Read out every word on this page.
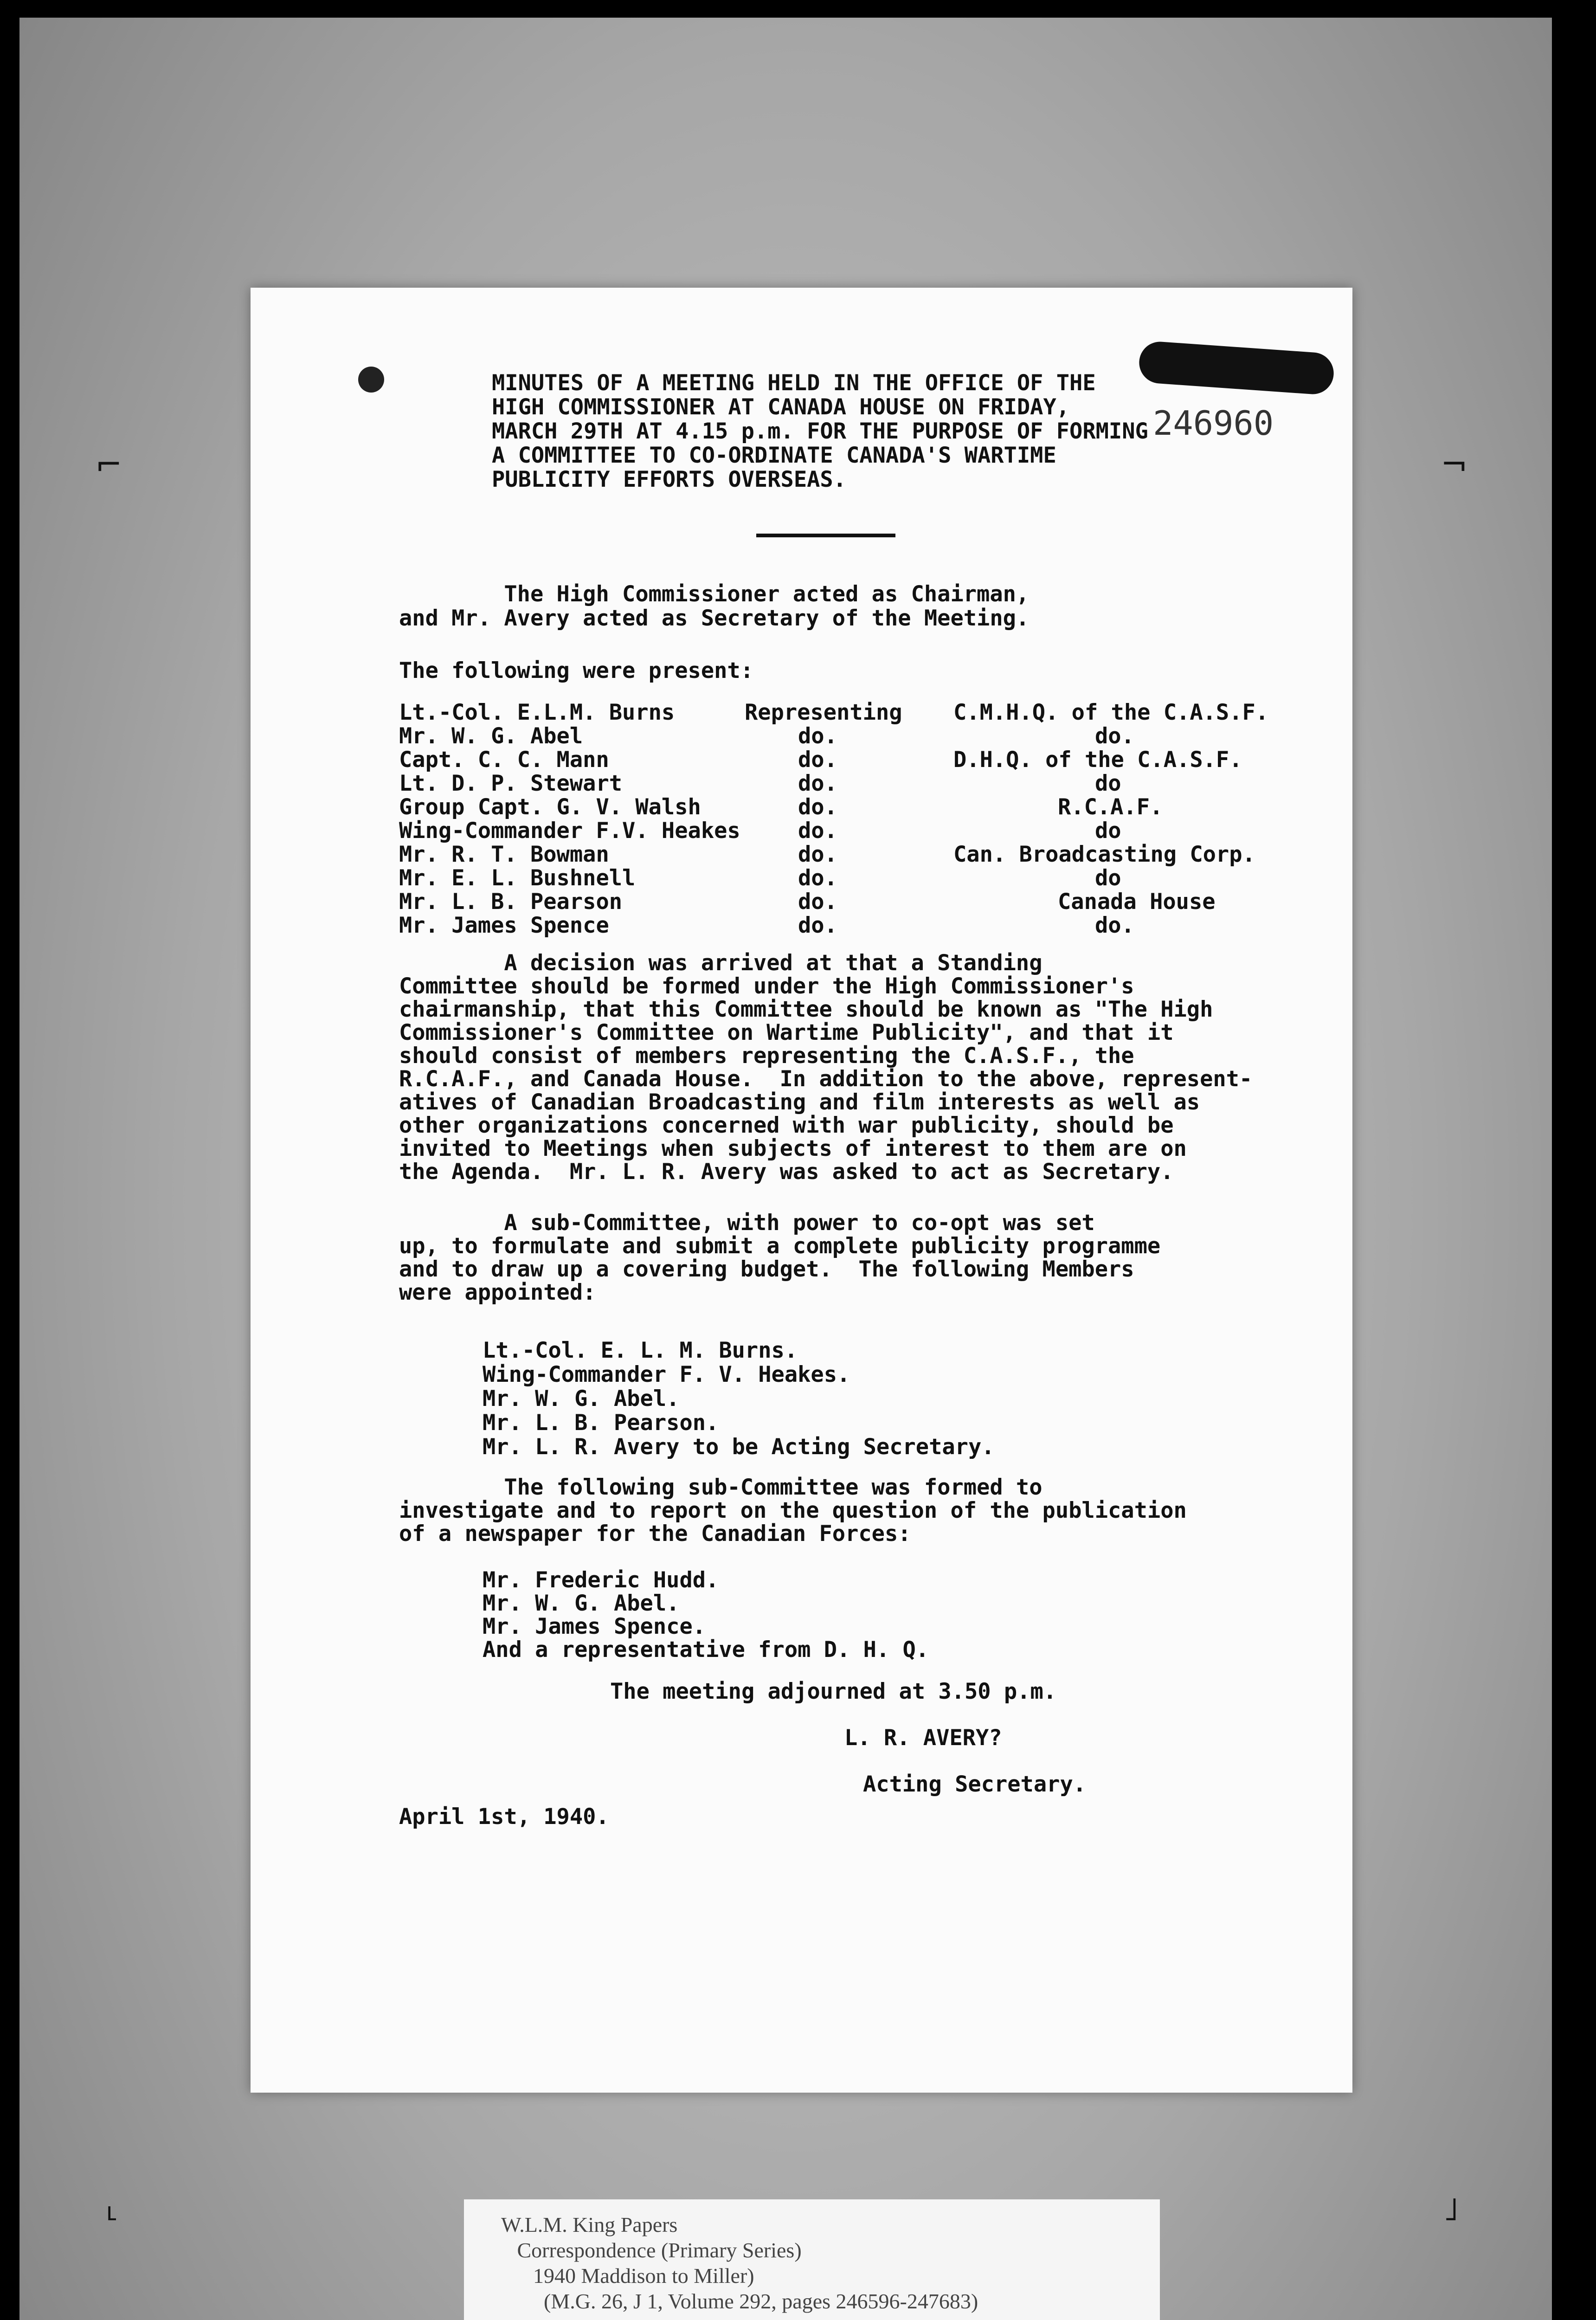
⌐	¬
˪	˩
246960
MINUTES OF A MEETING HELD IN THE OFFICE OF THE
HIGH COMMISSIONER AT CANADA HOUSE ON FRIDAY,
MARCH 29TH AT 4.15 p.m. FOR THE PURPOSE OF FORMING
A COMMITTEE TO CO-ORDINATE CANADA'S WARTIME
PUBLICITY EFFORTS OVERSEAS.
The High Commissioner acted as Chairman,
and Mr. Avery acted as Secretary of the Meeting.
The following were present:
Lt.-Col. E.L.M. Burns	Representing C.M.H.Q. of the C.A.S.F.
Mr. W. G. Abel	do.	do.
Capt. C. C. Mann	do.	D.H.Q. of the C.A.S.F.
Lt. D. P. Stewart	do.	do
Group Capt. G. V. Walsh	do.	R.C.A.F.
Wing-Commander F.V. Heakes	do.	do
Mr. R. T. Bowman	do.	Can. Broadcasting Corp.
Mr. E. L. Bushnell	do.	do
Mr. L. B. Pearson	do.	Canada House
Mr. James Spence	do.	do.
A decision was arrived at that a Standing
Committee should be formed under the High Commissioner's
chairmanship, that this Committee should be known as "The High
Commissioner's Committee on Wartime Publicity", and that it
should consist of members representing the C.A.S.F., the
R.C.A.F., and Canada House.  In addition to the above, represent-
atives of Canadian Broadcasting and film interests as well as
other organizations concerned with war publicity, should be
invited to Meetings when subjects of interest to them are on
the Agenda.  Mr. L. R. Avery was asked to act as Secretary.
A sub-Committee, with power to co-opt was set
up, to formulate and submit a complete publicity programme
and to draw up a covering budget.  The following Members
were appointed:
Lt.-Col. E. L. M. Burns.
Wing-Commander F. V. Heakes.
Mr. W. G. Abel.
Mr. L. B. Pearson.
Mr. L. R. Avery to be Acting Secretary.
The following sub-Committee was formed to
investigate and to report on the question of the publication
of a newspaper for the Canadian Forces:
Mr. Frederic Hudd.
Mr. W. G. Abel.
Mr. James Spence.
And a representative from D. H. Q.
The meeting adjourned at 3.50 p.m.
L. R. AVERY?
Acting Secretary.
April 1st, 1940.
W.L.M. King Papers
Correspondence (Primary Series)
1940 Maddison to Miller)
(M.G. 26, J 1, Volume 292, pages 246596-247683)
